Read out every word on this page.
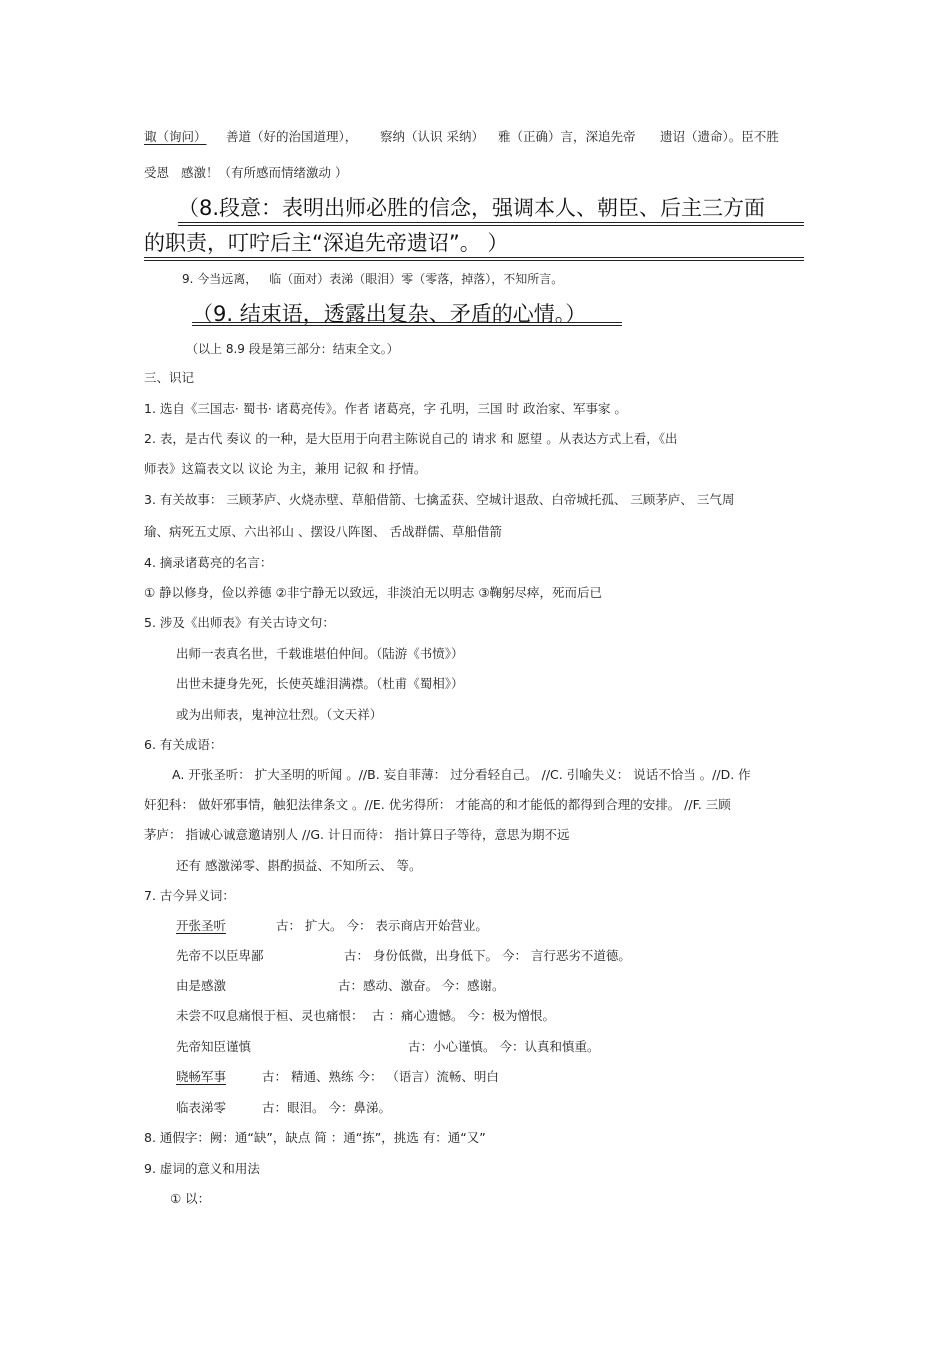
诹（询问） 善道（好的治国道理）， 察纳（认识 采纳） 雅（正确）言，深追先帝 遗诏（遗命）。臣不胜
受恩 感激！（有所感而情绪激动 ）
（8.段意：表明出师必胜的信念，强调本人、朝臣、后主三方面
的职责，叮咛后主“深追先帝遗诏”。 ）
9. 今当远离， 临（面对）表涕（眼泪）零（零落，掉落），不知所言。
（9. 结束语，透露出复杂、矛盾的心情。）
（以上 8.9 段是第三部分：结束全文。）
三、识记
1. 选自《三国志· 蜀书· 诸葛亮传》。作者 诸葛亮，字 孔明，三国 时 政治家、军事家 。
2. 表，是古代 奏议 的一种，是大臣用于向君主陈说自己的 请求 和 愿望 。从表达方式上看，《出
师表》这篇表文以 议论 为主，兼用 记叙 和 抒情。
3. 有关故事： 三顾茅庐、火烧赤壁、草船借箭、七擒孟获、空城计退敌、白帝城托孤、 三顾茅庐、 三气周
瑜、病死五丈原、六出祁山 、摆设八阵图、 舌战群儒、草船借箭
4. 摘录诸葛亮的名言：
① 静以修身，俭以养德 ②非宁静无以致远，非淡泊无以明志 ③鞠躬尽瘁，死而后已
5. 涉及《出师表》有关古诗文句：
出师一表真名世，千载谁堪伯仲间。（陆游《书愤》）
出世未捷身先死，长使英雄泪满襟。（杜甫《蜀相》）
或为出师表，鬼神泣壮烈。（文天祥）
6. 有关成语：
A. 开张圣听： 扩大圣明的听闻 。//B. 妄自菲薄： 过分看轻自己。 //C. 引喻失义： 说话不恰当 。//D. 作
奸犯科： 做奸邪事情，触犯法律条文 。//E. 优劣得所： 才能高的和才能低的都得到合理的安排。 //F. 三顾
茅庐： 指诚心诚意邀请别人 //G. 计日而待： 指计算日子等待，意思为期不远
还有 感激涕零、斟酌损益、不知所云、 等。
7. 古今异义词：
开张圣听	古： 扩大。 今： 表示商店开始营业。
先帝不以臣卑鄙	古： 身份低微，出身低下。 今： 言行恶劣不道德。
由是感激	古：感动、激奋。 今：感谢。
未尝不叹息痛恨于桓、灵也痛恨： 古 ：痛心遗憾。 今：极为憎恨。
先帝知臣谨慎	古：小心谨慎。 今：认真和慎重。
晓畅军事	古： 精通、熟练 今： （语言）流畅、明白
临表涕零	古：眼泪。 今：鼻涕。
8. 通假字：阙：通“缺”，缺点 简 ：通“拣”，挑选 有：通“又”
9. 虚词的意义和用法
① 以：
